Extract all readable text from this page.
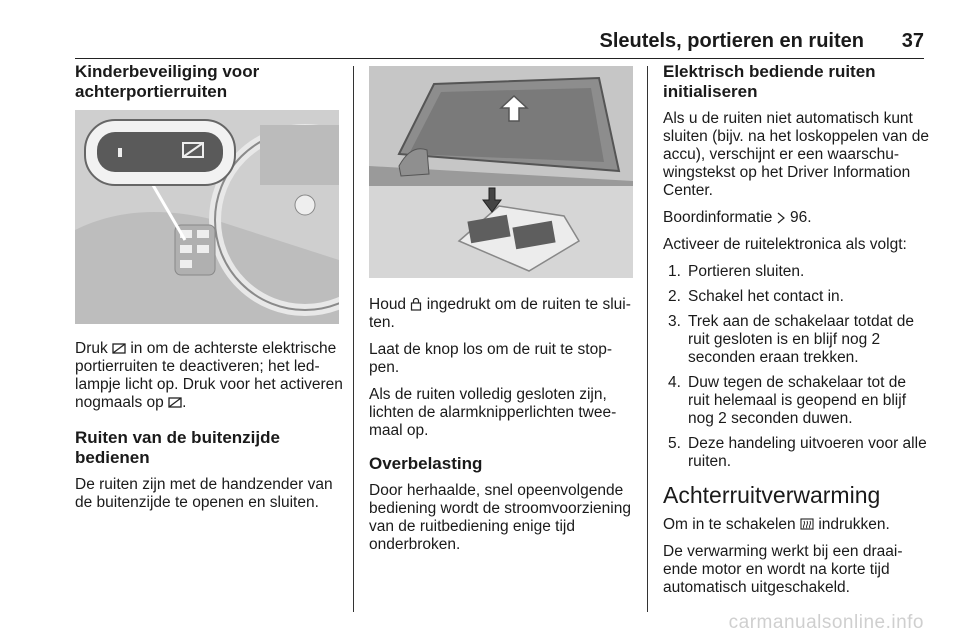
Sleutels, portieren en ruiten 37
Kinderbeveiliging voor achterportierruiten

Druk in om de achterste elektrische portierruiten te deactiveren; het led-lampje licht op. Druk voor het activeren nogmaals op .

Ruiten van de buitenzijde bedienen

De ruiten zijn met de handzender van de buitenzijde te openen en sluiten.

Houd ingedrukt om de ruiten te sluiten.

Laat de knop los om de ruit te stoppen.

Als de ruiten volledig gesloten zijn, lichten de alarmknipperlichten tweemaal op.

Overbelasting

Door herhaalde, snel opeenvolgende bediening wordt de stroomvoorziening van de ruitbediening enige tijd onderbroken.

Elektrisch bediende ruiten initialiseren

Als u de ruiten niet automatisch kunt sluiten (bijv. na het loskoppelen van de accu), verschijnt er een waarschuwingstekst op het Driver Information Center.

Boordinformatie 96.

Activeer de ruitelektronica als volgt:

1. Portieren sluiten.
2. Schakel het contact in.
3. Trek aan de schakelaar totdat de ruit gesloten is en blijf nog 2 seconden eraan trekken.
4. Duw tegen de schakelaar tot de ruit helemaal is geopend en blijf nog 2 seconden duwen.
5. Deze handeling uitvoeren voor alle ruiten.
Achterruitverwarming

Om in te schakelen indrukken.

De verwarming werkt bij een draaiende motor en wordt na korte tijd automatisch uitgeschakeld.

carmanualsonline.info
